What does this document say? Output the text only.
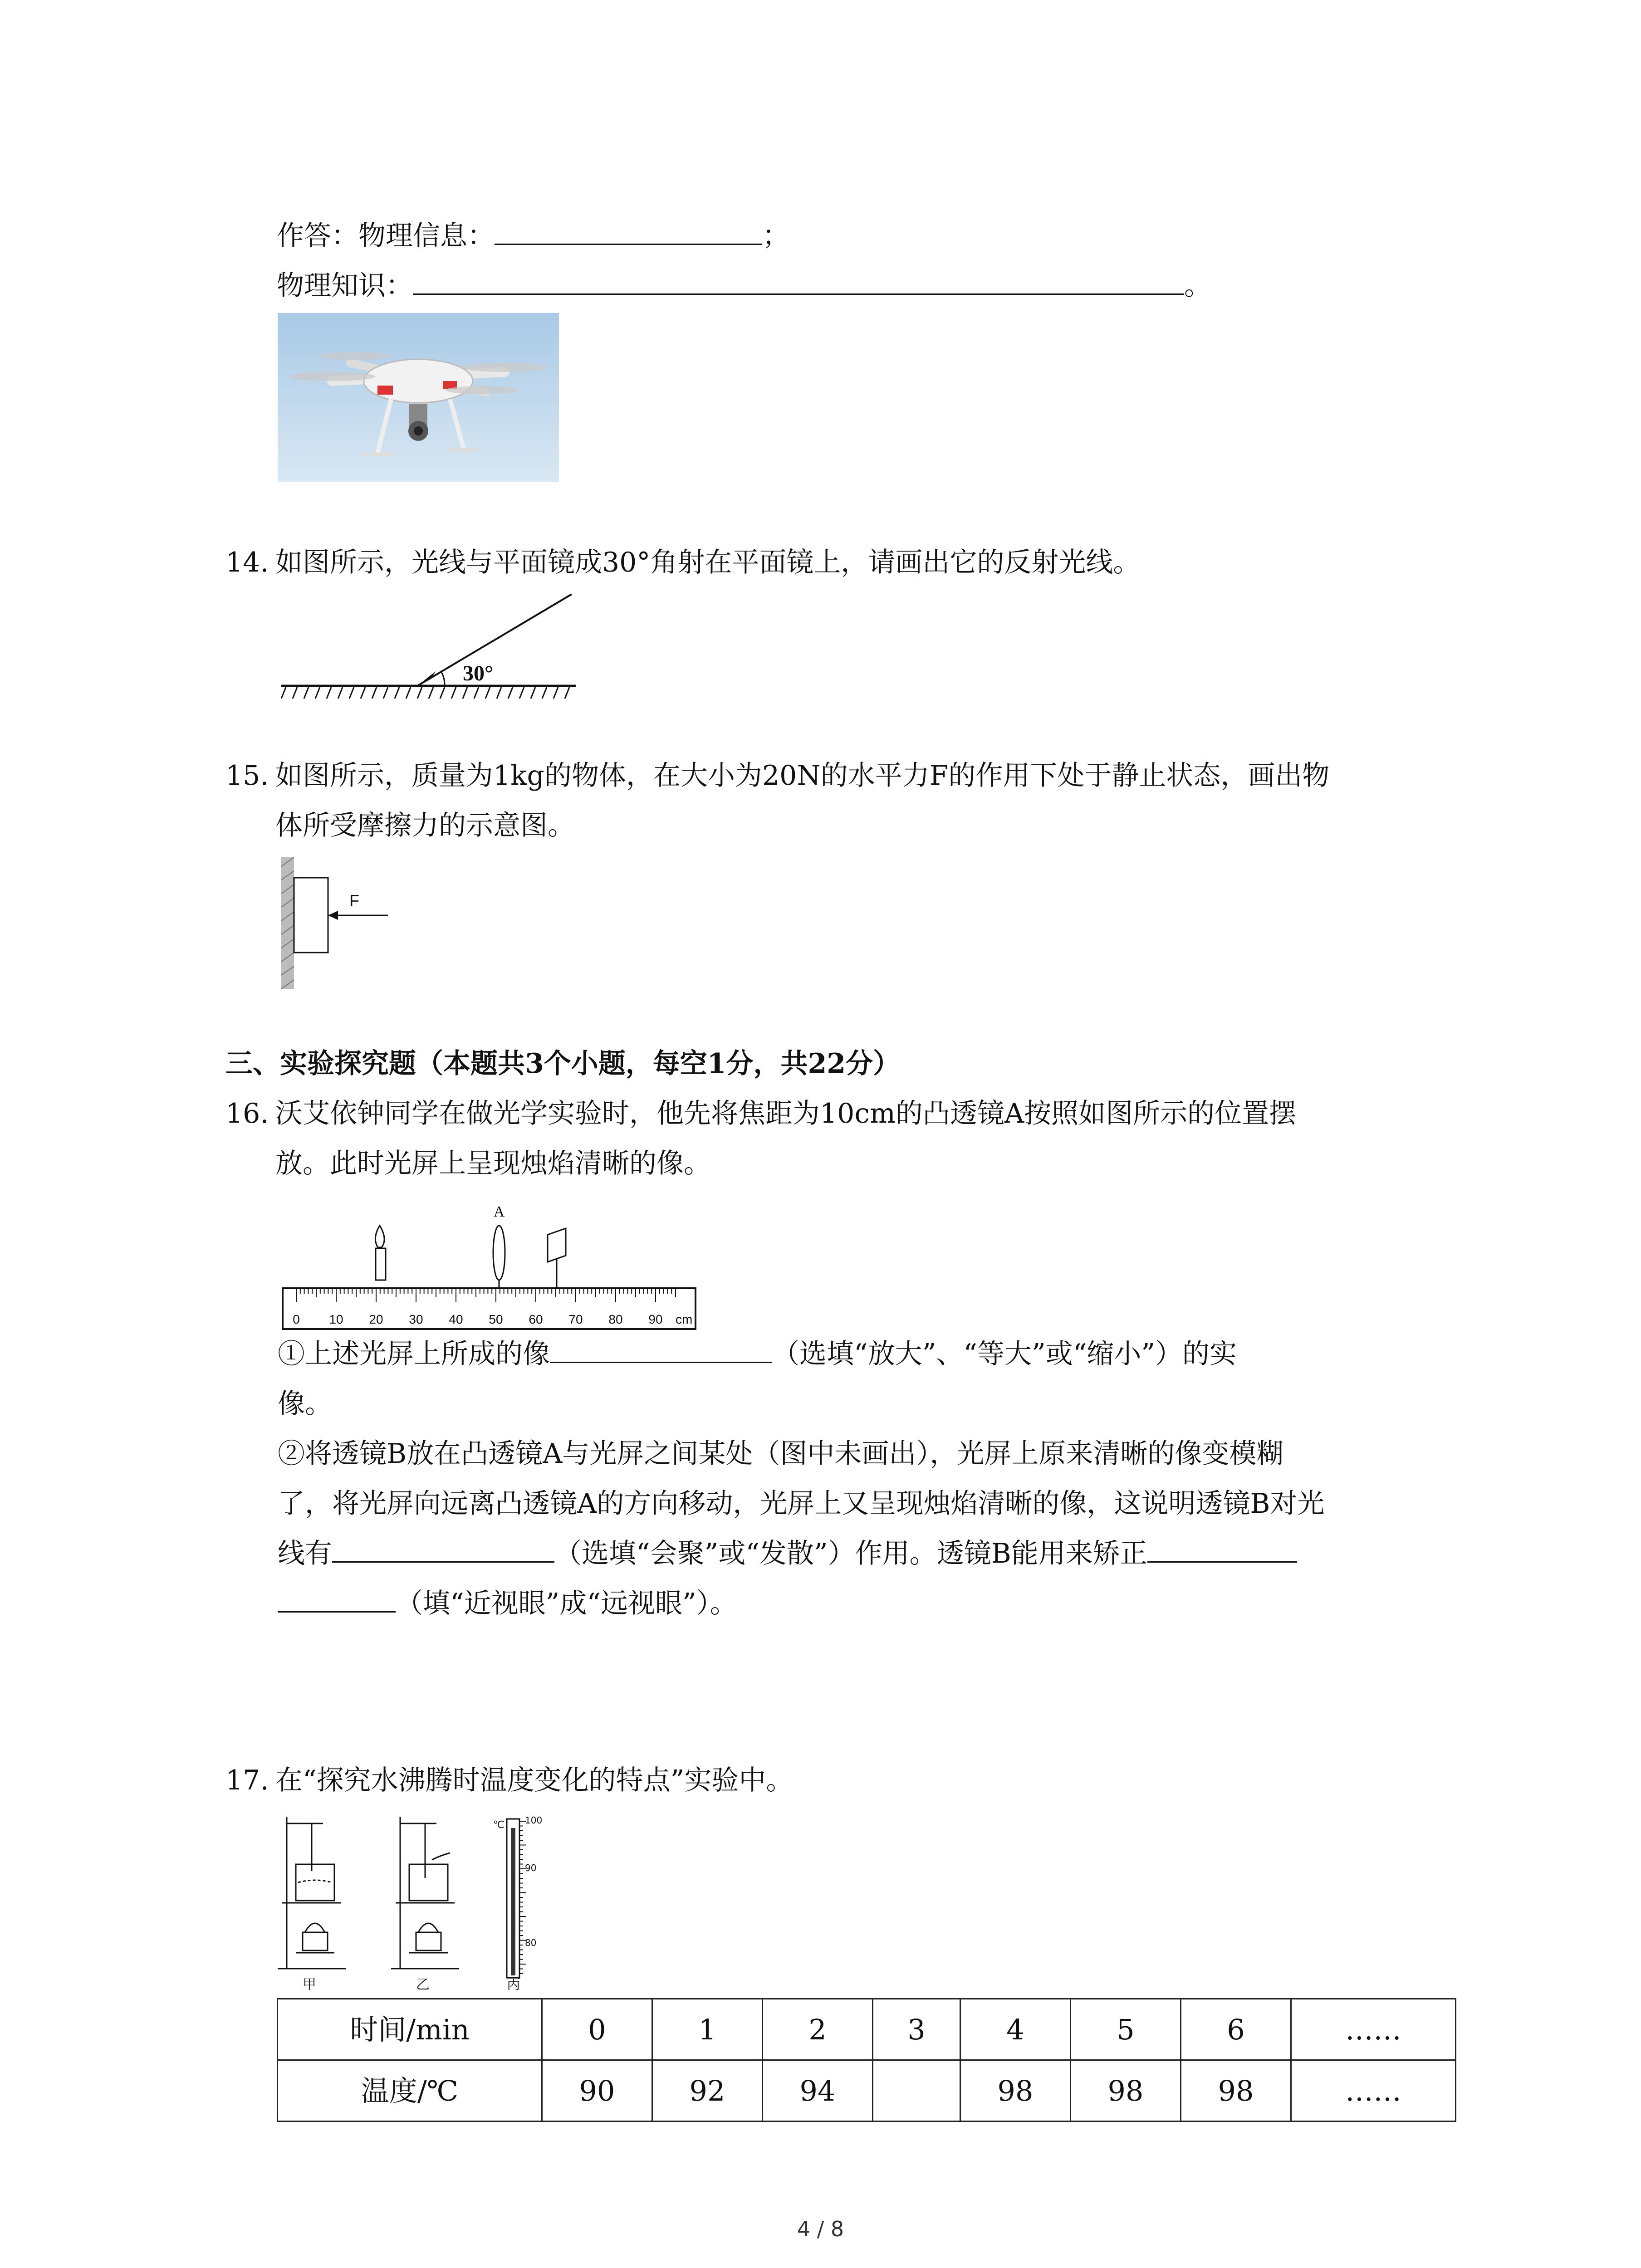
作答：物理信息：	；
物理知识：	。
14. 如图所示，光线与平面镜成30°角射在平面镜上，请画出它的反射光线。
30°
15. 如图所示，质量为1kg的物体，在大小为20N的水平力F的作用下处于静止状态，画出物
体所受摩擦力的示意图。
F
三、实验探究题（本题共3个小题，每空1分，共22分）
16. 沃艾依钟同学在做光学实验时，他先将焦距为10cm的凸透镜A按照如图所示的位置摆
放。此时光屏上呈现烛焰清晰的像。
A
0 10 20 30 40 50 60 70 80 90 cm
①上述光屏上所成的像	（选填“放大”、“等大”或“缩小”）的实
像。
②将透镜B放在凸透镜A与光屏之间某处（图中未画出），光屏上原来清晰的像变模糊
了，将光屏向远离凸透镜A的方向移动，光屏上又呈现烛焰清晰的像，这说明透镜B对光
线有	（选填“会聚”或“发散”）作用。透镜B能用来矫正
（填“近视眼”成“远视眼”）。
17. 在“探究水沸腾时温度变化的特点”实验中。
甲	乙
℃ 100
90
80
丙
时间/min	0	1	2	3	4	5	6	……
温度/℃	90	92	94		98	98	98	……
4 / 8
